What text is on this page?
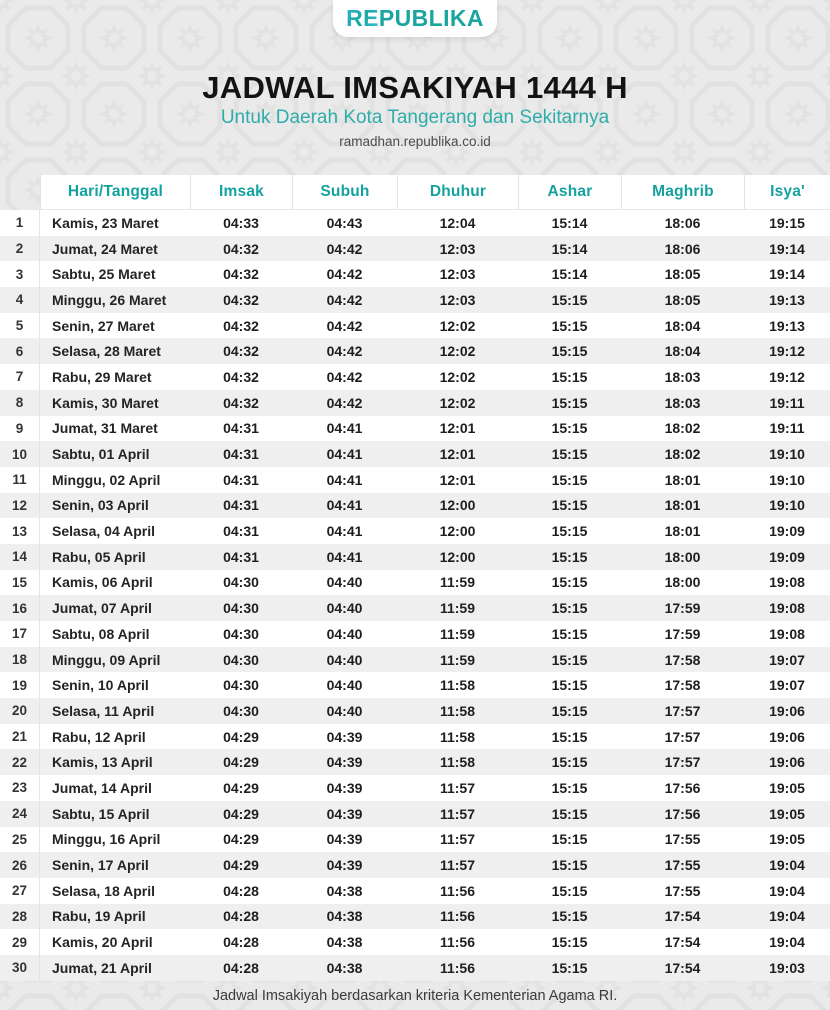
REPUBLIKA
JADWAL IMSAKIYAH 1444 H
Untuk Daerah Kota Tangerang dan Sekitarnya
ramadhan.republika.co.id
Hari/Tanggal	Imsak	Subuh	Dhuhur	Ashar	Maghrib	Isya'
1	Kamis, 23 Maret	04:33	04:43	12:04	15:14	18:06	19:15
2	Jumat, 24 Maret	04:32	04:42	12:03	15:14	18:06	19:14
3	Sabtu, 25 Maret	04:32	04:42	12:03	15:14	18:05	19:14
4	Minggu, 26 Maret	04:32	04:42	12:03	15:15	18:05	19:13
5	Senin, 27 Maret	04:32	04:42	12:02	15:15	18:04	19:13
6	Selasa, 28 Maret	04:32	04:42	12:02	15:15	18:04	19:12
7	Rabu, 29 Maret	04:32	04:42	12:02	15:15	18:03	19:12
8	Kamis, 30 Maret	04:32	04:42	12:02	15:15	18:03	19:11
9	Jumat, 31 Maret	04:31	04:41	12:01	15:15	18:02	19:11
10	Sabtu, 01 April	04:31	04:41	12:01	15:15	18:02	19:10
11	Minggu, 02 April	04:31	04:41	12:01	15:15	18:01	19:10
12	Senin, 03 April	04:31	04:41	12:00	15:15	18:01	19:10
13	Selasa, 04 April	04:31	04:41	12:00	15:15	18:01	19:09
14	Rabu, 05 April	04:31	04:41	12:00	15:15	18:00	19:09
15	Kamis, 06 April	04:30	04:40	11:59	15:15	18:00	19:08
16	Jumat, 07 April	04:30	04:40	11:59	15:15	17:59	19:08
17	Sabtu, 08 April	04:30	04:40	11:59	15:15	17:59	19:08
18	Minggu, 09 April	04:30	04:40	11:59	15:15	17:58	19:07
19	Senin, 10 April	04:30	04:40	11:58	15:15	17:58	19:07
20	Selasa, 11 April	04:30	04:40	11:58	15:15	17:57	19:06
21	Rabu, 12 April	04:29	04:39	11:58	15:15	17:57	19:06
22	Kamis, 13 April	04:29	04:39	11:58	15:15	17:57	19:06
23	Jumat, 14 April	04:29	04:39	11:57	15:15	17:56	19:05
24	Sabtu, 15 April	04:29	04:39	11:57	15:15	17:56	19:05
25	Minggu, 16 April	04:29	04:39	11:57	15:15	17:55	19:05
26	Senin, 17 April	04:29	04:39	11:57	15:15	17:55	19:04
27	Selasa, 18 April	04:28	04:38	11:56	15:15	17:55	19:04
28	Rabu, 19 April	04:28	04:38	11:56	15:15	17:54	19:04
29	Kamis, 20 April	04:28	04:38	11:56	15:15	17:54	19:04
30	Jumat, 21 April	04:28	04:38	11:56	15:15	17:54	19:03
Jadwal Imsakiyah berdasarkan kriteria Kementerian Agama RI.
